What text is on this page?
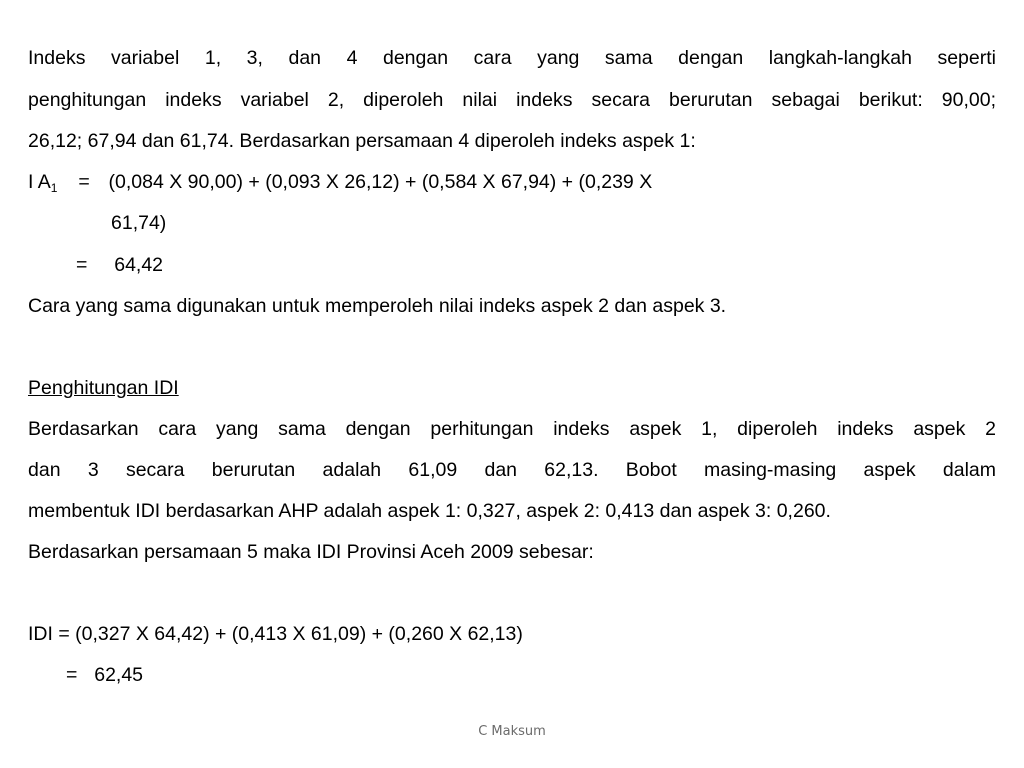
Indeks variabel 1, 3, dan 4 dengan cara yang sama dengan langkah-langkah seperti
penghitungan indeks variabel 2, diperoleh nilai indeks secara berurutan sebagai berikut: 90,00;
26,12; 67,94 dan 61,74. Berdasarkan persamaan 4 diperoleh indeks aspek 1:
I $A_1 = (0,084$ X 90,00) + (0,093 X 26,12) + (0,584 X 67,94) + (0,239 X
61,74)
= 64,42
Cara yang sama digunakan untuk memperoleh nilai indeks aspek 2 dan aspek 3.
Penghitungan IDI
Berdasarkan cara yang sama dengan perhitungan indeks aspek 1, diperoleh indeks aspek 2
dan 3 secara berurutan adalah 61,09 dan 62,13. Bobot masing-masing aspek dalam
membentuk IDI berdasarkan AHP adalah aspek 1: 0,327, aspek 2: 0,413 dan aspek 3: 0,260.
Berdasarkan persamaan 5 maka IDI Provinsi Aceh 2009 sebesar:
IDI = (0,327 X 64,42) + (0,413 X 61,09) + (0,260 X 62,13)
= 62,45
C Maksum
